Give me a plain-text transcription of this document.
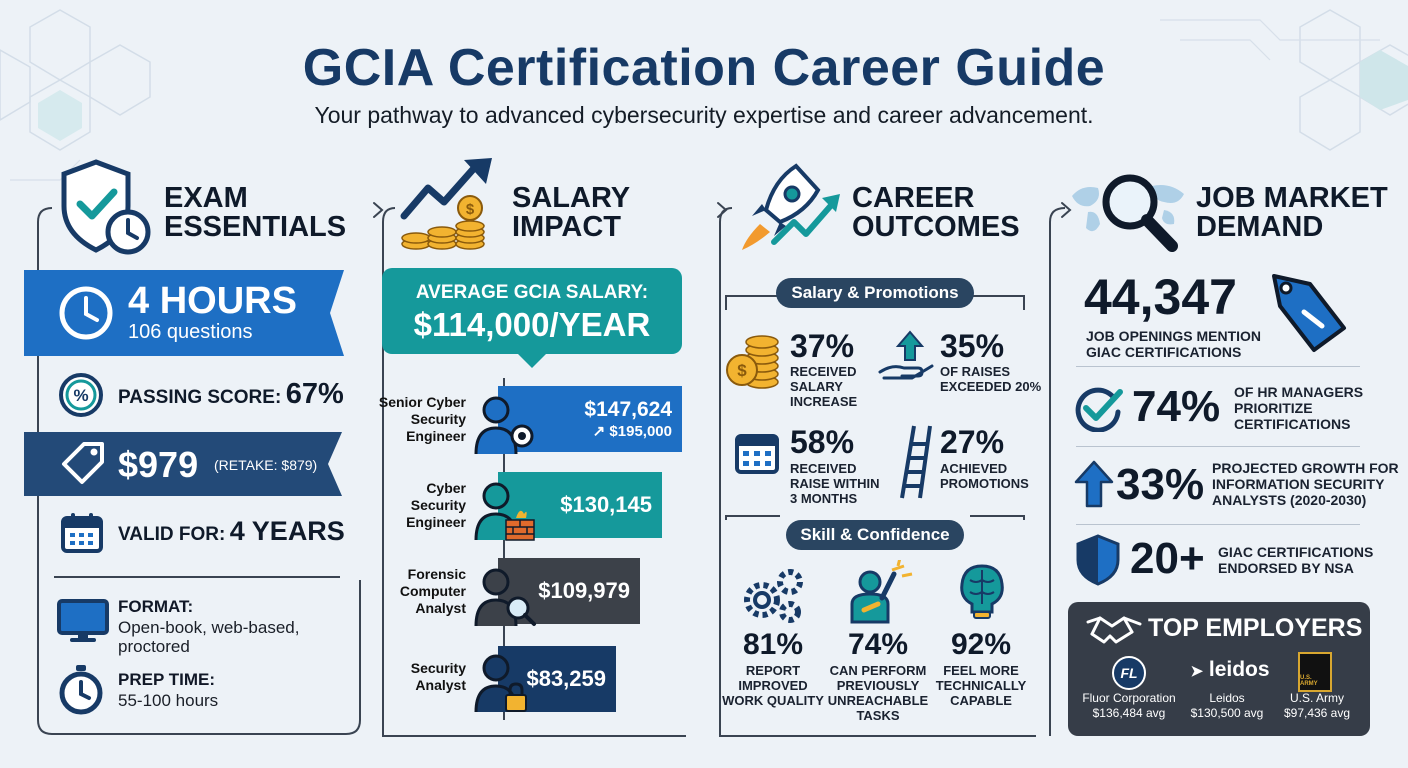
GCIA Certification Career Guide
Your pathway to advanced cybersecurity expertise and career advancement.
EXAM
ESSENTIALS
4 HOURS
106 questions
% PASSING SCORE: 67%
$979 (RETAKE: $879)
VALID FOR: 4 YEARS
FORMAT:
Open-book, web-based,
proctored
PREP TIME:
55-100 hours
$ SALARY
IMPACT
AVERAGE GCIA SALARY:
$114,000/YEAR
Senior Cyber
Security
Engineer
$147,624
↗ $195,000
Cyber
Security
Engineer
$130,145
Forensic
Computer
Analyst
$109,979
Security
Analyst	$83,259
CAREER
OUTCOMES
Salary & Promotions
$
37%
RECEIVED
SALARY
INCREASE
35%
OF RAISES
EXCEEDED 20%
58%
RECEIVED
RAISE WITHIN
3 MONTHS
27%
ACHIEVED
PROMOTIONS
Skill & Confidence
81%
REPORT
IMPROVED
WORK QUALITY
74%
CAN PERFORM
PREVIOUSLY
UNREACHABLE
TASKS
92%
FEEL MORE
TECHNICALLY
CAPABLE
JOB MARKET
DEMAND
44,347
JOB OPENINGS MENTION
GIAC CERTIFICATIONS
74% OF HR MANAGERS
PRIORITIZE
CERTIFICATIONS
33% PROJECTED GROWTH FOR
INFORMATION SECURITY
ANALYSTS (2020-2030)
20+ GIAC CERTIFICATIONS
ENDORSED BY NSA
TOP EMPLOYERS
FL	➤ leidos	U.S. ARMY
Fluor Corporation
$136,484 avg
Leidos
$130,500 avg
U.S. Army
$97,436 avg
